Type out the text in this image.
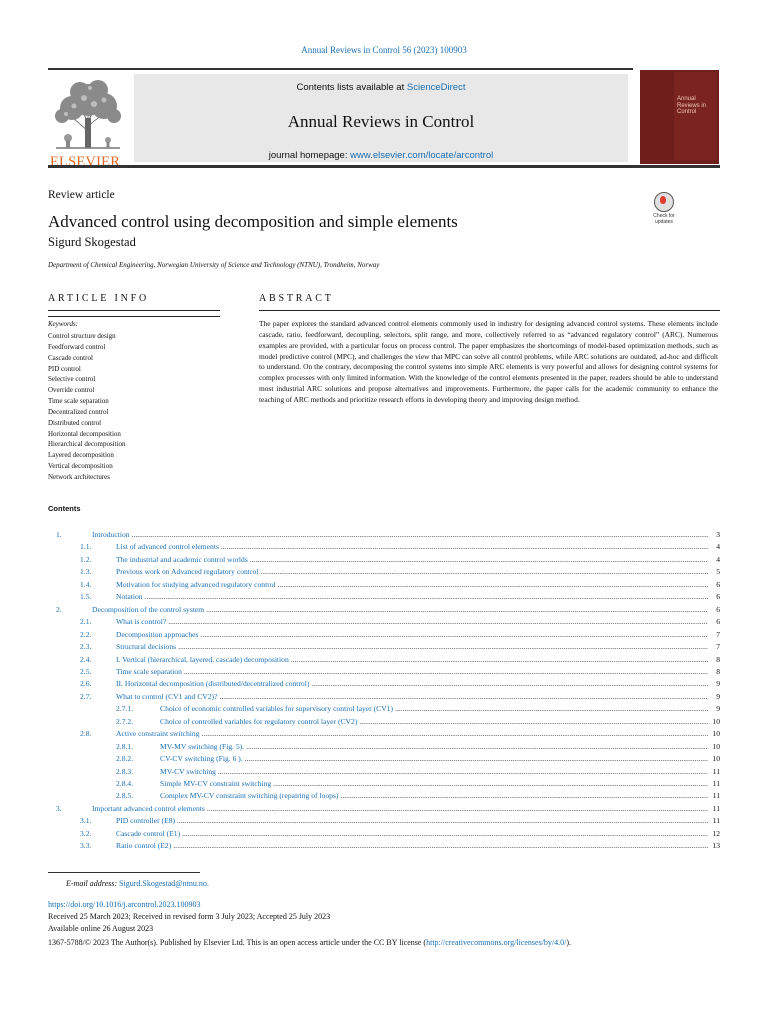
Annual Reviews in Control 56 (2023) 100903
ELSEVIER
Contents lists available at ScienceDirect
Annual Reviews in Control
journal homepage: www.elsevier.com/locate/arcontrol
Annual Reviews in Control
Review article
Advanced control using decomposition and simple elements
Sigurd Skogestad
Department of Chemical Engineering, Norwegian University of Science and Technology (NTNU), Trondheim, Norway
Check for updates
ARTICLE INFO
Keywords:
Control structure design
Feedforward control
Cascade control
PID control
Selective control
Override control
Time scale separation
Decentralized control
Distributed control
Horizontal decomposition
Hierarchical decomposition
Layered decomposition
Vertical decomposition
Network architectures
ABSTRACT
The paper explores the standard advanced control elements commonly used in industry for designing advanced control systems. These elements include cascade, ratio, feedforward, decoupling, selectors, split range, and more, collectively referred to as “advanced regulatory control” (ARC). Numerous examples are provided, with a particular focus on process control. The paper emphasizes the shortcomings of model-based optimization methods, such as model predictive control (MPC), and challenges the view that MPC can solve all control problems, while ARC solutions are outdated, ad-hoc and difficult to understand. On the contrary, decomposing the control systems into simple ARC elements is very powerful and allows for designing control systems for complex processes with only limited information. With the knowledge of the control elements presented in the paper, readers should be able to understand most industrial ARC solutions and propose alternatives and improvements. Furthermore, the paper calls for the academic community to enhance the teaching of ARC methods and prioritize research efforts in developing theory and improving design method.
Contents
1.	Introduction .....	3
1.1.	List of advanced control elements .....	4
1.2.	The industrial and academic control worlds .....	4
1.3.	Previous work on Advanced regulatory control .....	5
1.4.	Motivation for studying advanced regulatory control .....	6
1.5.	Notation .....	6
2.	Decomposition of the control system .....	6
2.1.	What is control? .....	6
2.2.	Decomposition approaches .....	7
2.3.	Structural decisions .....	7
2.4.	I. Vertical (hierarchical, layered, cascade) decomposition .....	8
2.5.	Time scale separation .....	8
2.6.	II. Horizontal decomposition (distributed/decentralized control) .....	9
2.7.	What to control (CV1 and CV2)? .....	9
2.7.1.	Choice of economic controlled variables for supervisory control layer (CV1) .....	9
2.7.2.	Choice of controlled variables for regulatory control layer (CV2) .....	10
2.8.	Active constraint switching .....	10
2.8.1.	MV-MV switching (Fig. 5). .....	10
2.8.2.	CV-CV switching (Fig. 6 ). .....	10
2.8.3.	MV-CV switching .....	11
2.8.4.	Simple MV-CV constraint switching .....	11
2.8.5.	Complex MV-CV constraint switching (repairing of loops) .....	11
3.	Important advanced control elements .....	11
3.1.	PID controller (E8) .....	11
3.2.	Cascade control (E1) .....	12
3.3.	Ratio control (E2) .....	13
E-mail address: Sigurd.Skogestad@ntnu.no.
https://doi.org/10.1016/j.arcontrol.2023.100903
Received 25 March 2023; Received in revised form 3 July 2023; Accepted 25 July 2023
Available online 26 August 2023
1367-5788/© 2023 The Author(s). Published by Elsevier Ltd. This is an open access article under the CC BY license (http://creativecommons.org/licenses/by/4.0/).
